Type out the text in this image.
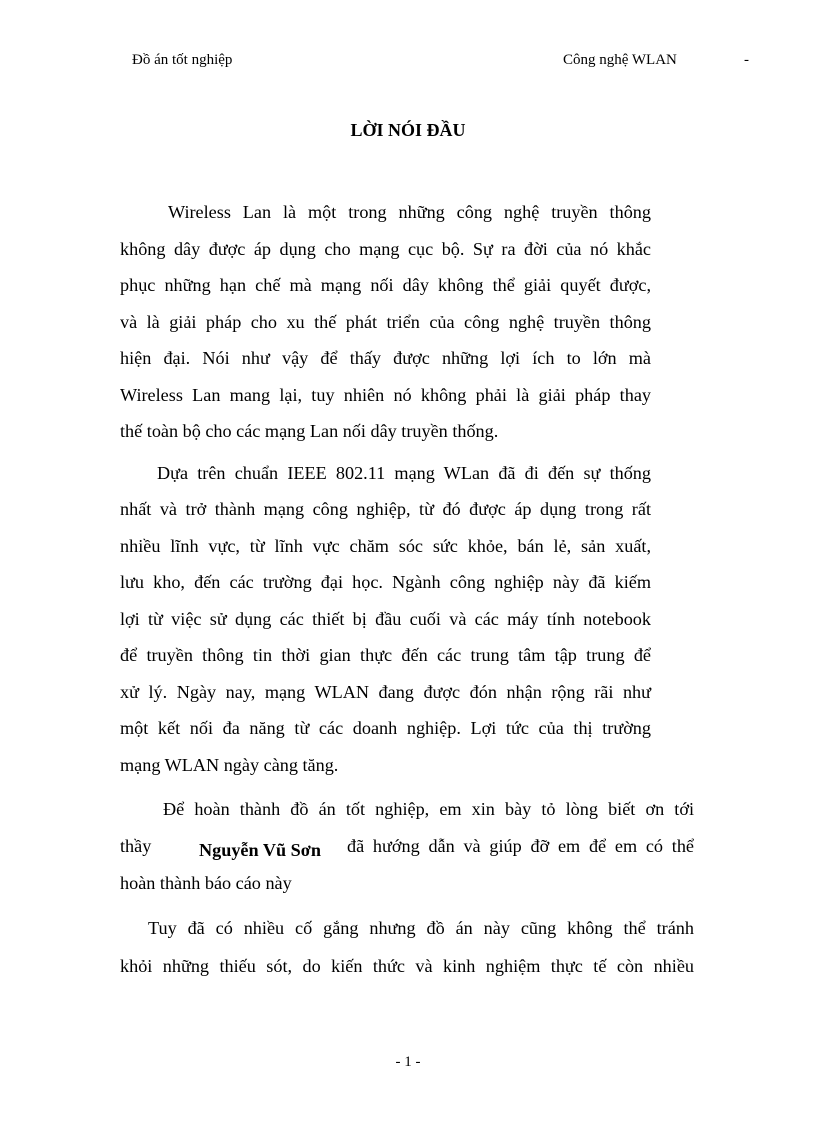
Đồ án tốt nghiệp	Công nghệ WLAN	-
LỜI NÓI ĐẦU
Wireless Lan là một trong những công nghệ truyền thông
không dây được áp dụng cho mạng cục bộ. Sự ra đời của nó khắc
phục những hạn chế mà mạng nối dây không thể giải quyết được,
và là giải pháp cho xu thế phát triển của công nghệ truyền thông
hiện đại. Nói như vậy để thấy được những lợi ích to lớn mà
Wireless Lan mang lại, tuy nhiên nó không phải là giải pháp thay
thế toàn bộ cho các mạng Lan nối dây truyền thống.
Dựa trên chuẩn IEEE 802.11 mạng WLan đã đi đến sự thống
nhất và trở thành mạng công nghiệp, từ đó được áp dụng trong rất
nhiều lĩnh vực, từ lĩnh vực chăm sóc sức khỏe, bán lẻ, sản xuất,
lưu kho, đến các trường đại học. Ngành công nghiệp này đã kiếm
lợi từ việc sử dụng các thiết bị đầu cuối và các máy tính notebook
để truyền thông tin thời gian thực đến các trung tâm tập trung để
xử lý. Ngày nay, mạng WLAN đang được đón nhận rộng rãi như
một kết nối đa năng từ các doanh nghiệp. Lợi tức của thị trường
mạng WLAN ngày càng tăng.
Để hoàn thành đồ án tốt nghiệp, em xin bày tỏ lòng biết ơn tới
thầy	Nguyễn Vũ Sơn đã hướng dẫn và giúp đỡ em để em có thể
hoàn thành báo cáo này
Tuy đã có nhiều cố gắng nhưng đồ án này cũng không thể tránh
khỏi những thiếu sót, do kiến thức và kinh nghiệm thực tế còn nhiều
- 1 -
